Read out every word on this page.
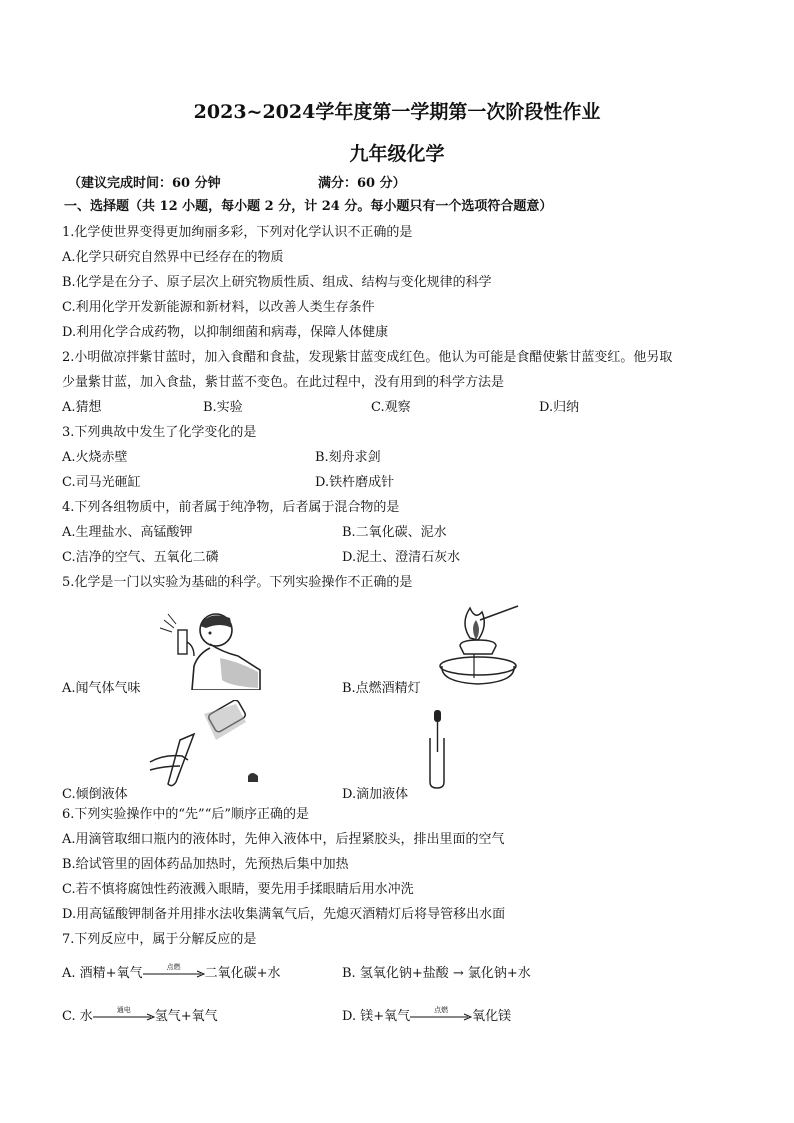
2023~2024学年度第一学期第一次阶段性作业
九年级化学
（建议完成时间：60 分钟	满分：60 分）
一、选择题（共 12 小题，每小题 2 分，计 24 分。每小题只有一个选项符合题意）
1.化学使世界变得更加绚丽多彩，下列对化学认识不正确的是
A.化学只研究自然界中已经存在的物质
B.化学是在分子、原子层次上研究物质性质、组成、结构与变化规律的科学
C.利用化学开发新能源和新材料，以改善人类生存条件
D.利用化学合成药物，以抑制细菌和病毒，保障人体健康
2.小明做凉拌紫甘蓝时，加入食醋和食盐，发现紫甘蓝变成红色。他认为可能是食醋使紫甘蓝变红。他另取
少量紫甘蓝，加入食盐，紫甘蓝不变色。在此过程中，没有用到的科学方法是
A.猜想	B.实验	C.观察	D.归纳
3.下列典故中发生了化学变化的是
A.火烧赤壁	B.刻舟求剑
C.司马光砸缸	D.铁杵磨成针
4.下列各组物质中，前者属于纯净物，后者属于混合物的是
A.生理盐水、高锰酸钾	B.二氧化碳、泥水
C.洁净的空气、五氧化二磷	D.泥土、澄清石灰水
5.化学是一门以实验为基础的科学。下列实验操作不正确的是
A.闻气体气味	B.点燃酒精灯
C.倾倒液体	D.滴加液体
6.下列实验操作中的“先”“后”顺序正确的是
A.用滴管取细口瓶内的液体时，先伸入液体中，后捏紧胶头，排出里面的空气
B.给试管里的固体药品加热时，先预热后集中加热
C.若不慎将腐蚀性药液溅入眼睛，要先用手揉眼睛后用水冲洗
D.用高锰酸钾制备并用排水法收集满氧气后，先熄灭酒精灯后将导管移出水面
7.下列反应中，属于分解反应的是
A. 酒精+氧气	点燃	二氧化碳+水	B. 氢氧化钠+盐酸 → 氯化钠+水
C. 水	通电	氢气+氧气	D. 镁+氧气	点燃	氧化镁
